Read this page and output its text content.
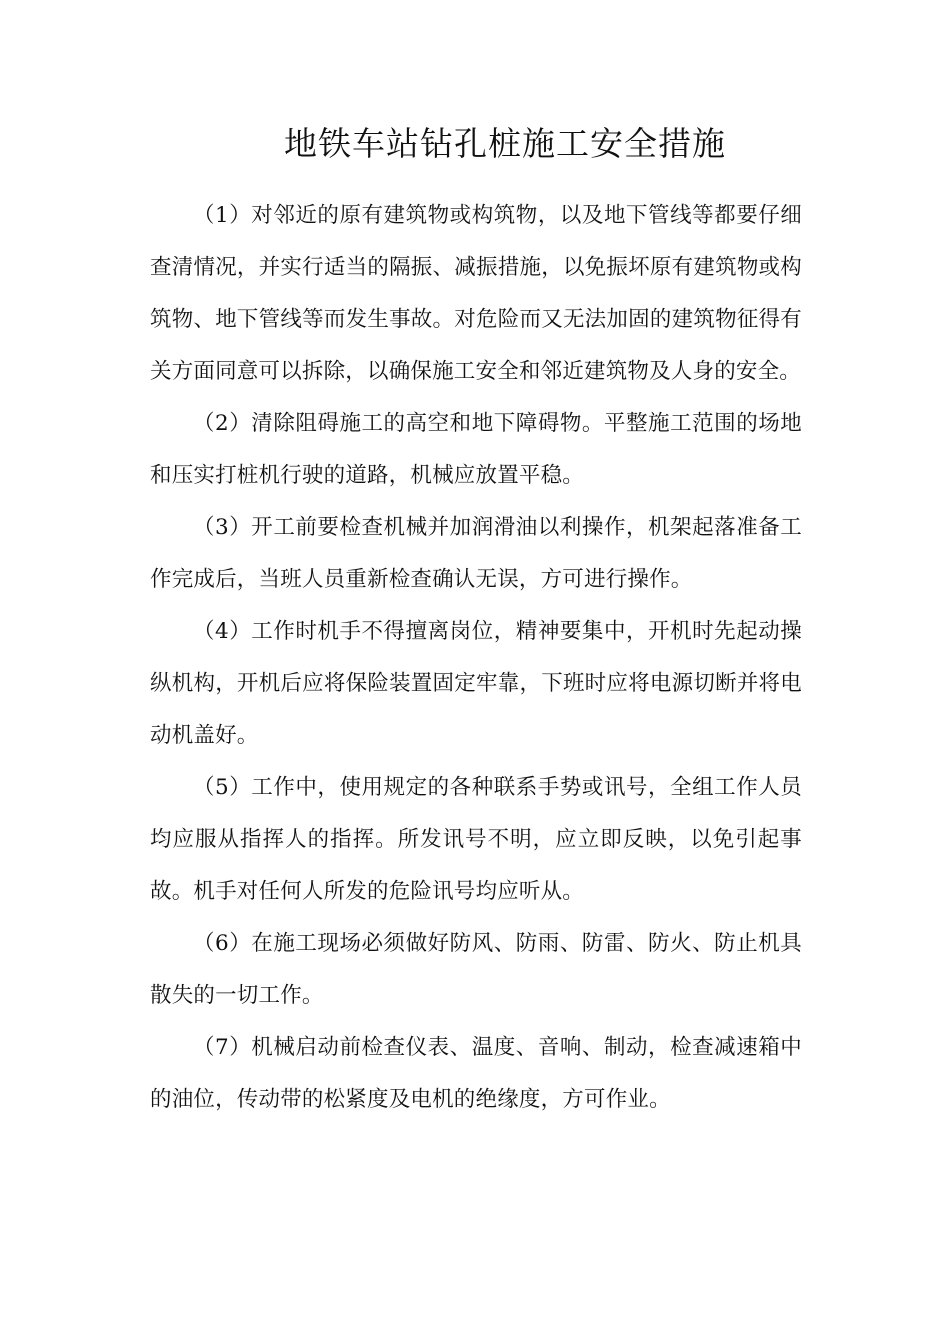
地铁车站钻孔桩施工安全措施

（1）对邻近的原有建筑物或构筑物，以及地下管线等都要仔细查清情况，并实行适当的隔振、减振措施，以免振坏原有建筑物或构筑物、地下管线等而发生事故。对危险而又无法加固的建筑物征得有关方面同意可以拆除，以确保施工安全和邻近建筑物及人身的安全。

（2）清除阻碍施工的高空和地下障碍物。平整施工范围的场地和压实打桩机行驶的道路，机械应放置平稳。

（3）开工前要检查机械并加润滑油以利操作，机架起落准备工作完成后，当班人员重新检查确认无误，方可进行操作。

（4）工作时机手不得擅离岗位，精神要集中，开机时先起动操纵机构，开机后应将保险装置固定牢靠，下班时应将电源切断并将电动机盖好。

（5）工作中，使用规定的各种联系手势或讯号，全组工作人员均应服从指挥人的指挥。所发讯号不明，应立即反映，以免引起事故。机手对任何人所发的危险讯号均应听从。

（6）在施工现场必须做好防风、防雨、防雷、防火、防止机具散失的一切工作。

（7）机械启动前检查仪表、温度、音响、制动，检查减速箱中的油位，传动带的松紧度及电机的绝缘度，方可作业。
